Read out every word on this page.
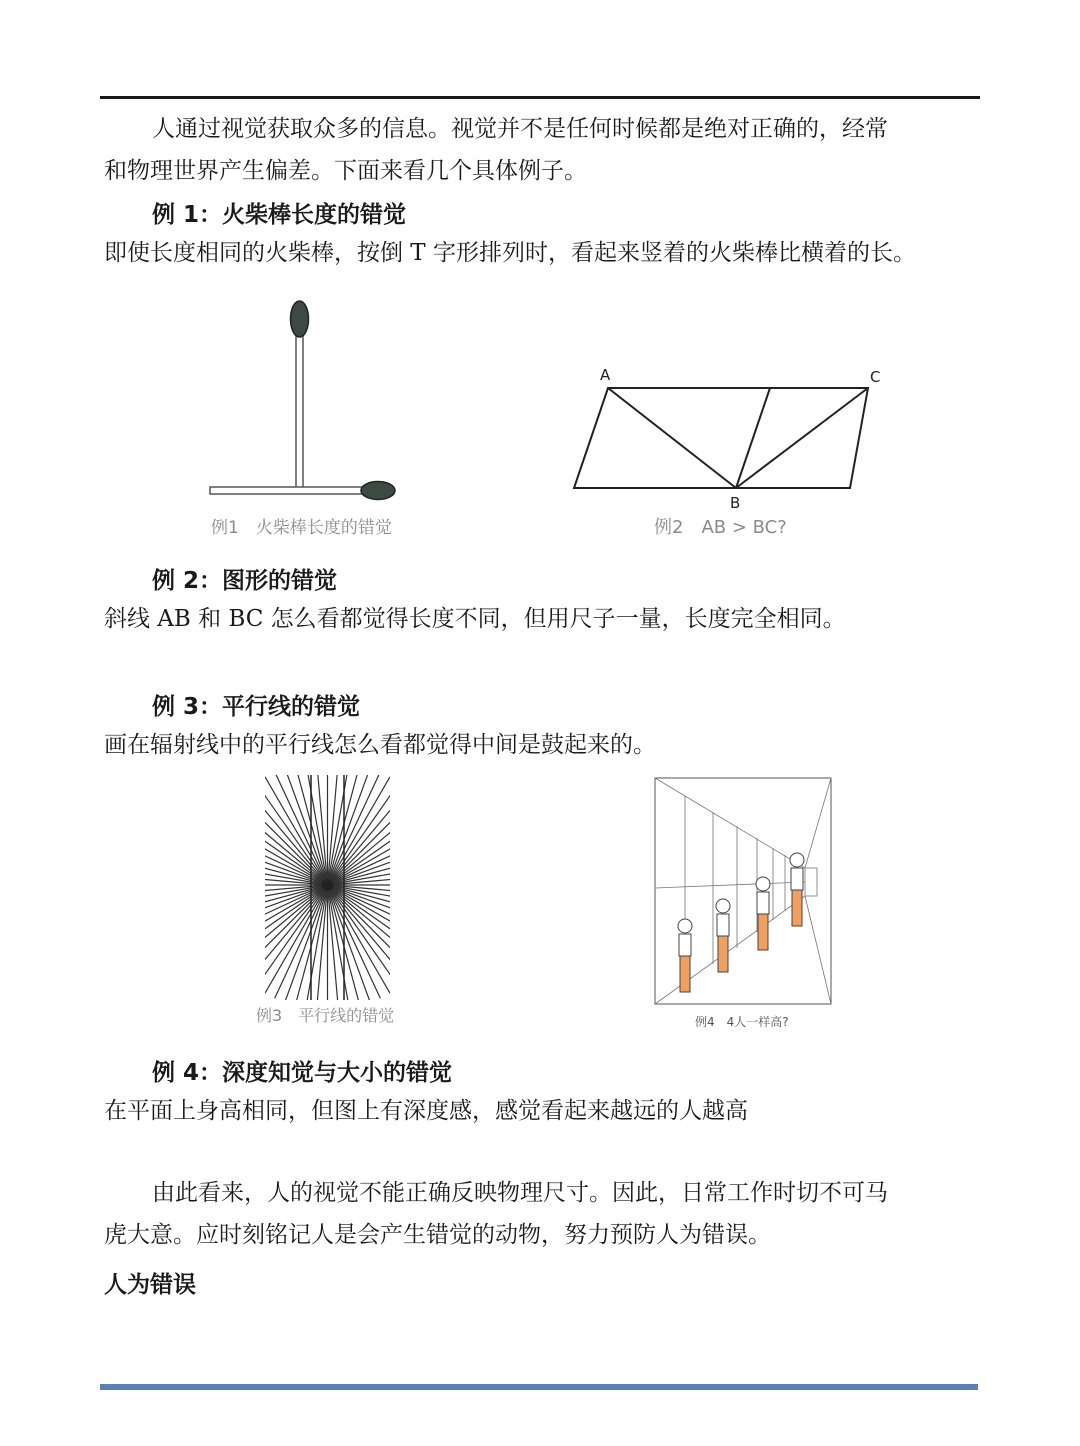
人通过视觉获取众多的信息。视觉并不是任何时候都是绝对正确的，经常
和物理世界产生偏差。下面来看几个具体例子。
例 1：火柴棒长度的错觉
即使长度相同的火柴棒，按倒 T 字形排列时，看起来竖着的火柴棒比横着的长。
例1　火柴棒长度的错觉
A
B
C
例2　AB > BC?
例 2：图形的错觉
斜线 AB 和 BC 怎么看都觉得长度不同，但用尺子一量，长度完全相同。
例 3：平行线的错觉
画在辐射线中的平行线怎么看都觉得中间是鼓起来的。
例3　平行线的错觉	例4　4人一样高?
例 4：深度知觉与大小的错觉
在平面上身高相同，但图上有深度感，感觉看起来越远的人越高
由此看来，人的视觉不能正确反映物理尺寸。因此，日常工作时切不可马
虎大意。应时刻铭记人是会产生错觉的动物，努力预防人为错误。
人为错误
